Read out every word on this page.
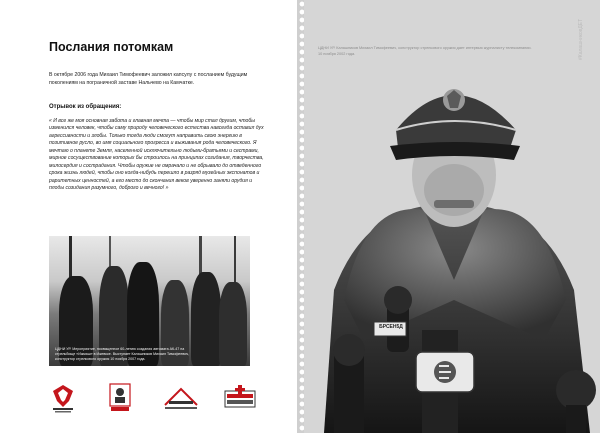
Послания потомкам
В октябре 2006 года Михаил Тимофеевич заложил капсулу с посланием будущим поколениям на пограничной заставе Нальчево на Камчатке.
Отрывок из обращения:
« И все же моя основная забота и главная мечта — чтобы мир стал другим, чтобы изменился человек, чтобы саму природу человеческого естества навсегда оставил дух агрессивности и злобы. Только тогда люди смогут направить свою энергию в позитивное русло, во имя социального прогресса и выживания рода человеческого. Я мечтаю о планете Земля, населенной исключительно людьми-братьями и сестрами, мирное сосуществование которых бы строилось на принципах созидания, творчества, милосердия и сострадания. Чтобы оружие не омрачало и не обрывало до отведенного срока жизнь людей, чтобы оно когда-нибудь перешло в разряд музейных экспонатов и раритетных ценностей, а его место до скончания веков уверенно заняли орудия и плоды созидания разумного, доброго и вечного! »
ЦДНИ УР. Мероприятие, посвященное 60-летию создания автомата АК-47 на стрельбище «Ижмаш» в Ижевске. Выступает Калашников Михаил Тимофеевич, конструктор стрелкового оружия 10 ноября 2007 года.
БРСЕН5Д
ЦДНИ УР. Калашников Михаил Тимофеевич, конструктор стрелкового оружия дает интервью журналисту телекомпании. 10 ноября 2002 года.	#КалашниковДЕТ
